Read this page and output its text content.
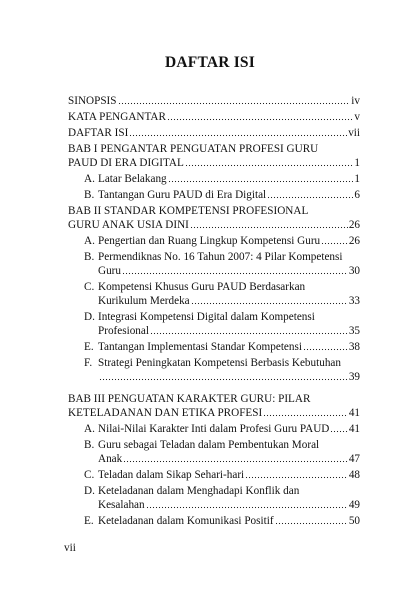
DAFTAR ISI
SINOPSIS	iv
KATA PENGANTAR	v
DAFTAR ISI	vii
BAB I PENGANTAR PENGUATAN PROFESI GURU
PAUD DI ERA DIGITAL	1
A. Latar Belakang	1
B. Tantangan Guru PAUD di Era Digital	6
BAB II STANDAR KOMPETENSI PROFESIONAL
GURU ANAK USIA DINI	26
A. Pengertian dan Ruang Lingkup Kompetensi Guru	26
B. Permendiknas No. 16 Tahun 2007: 4 Pilar Kompetensi
Guru	30
C. Kompetensi Khusus Guru PAUD Berdasarkan
Kurikulum Merdeka	33
D. Integrasi Kompetensi Digital dalam Kompetensi
Profesional	35
E. Tantangan Implementasi Standar Kompetensi	38
F. Strategi Peningkatan Kompetensi Berbasis Kebutuhan
39
BAB III PENGUATAN KARAKTER GURU: PILAR
KETELADANAN DAN ETIKA PROFESI	41
A. Nilai-Nilai Karakter Inti dalam Profesi Guru PAUD 41
B. Guru sebagai Teladan dalam Pembentukan Moral
Anak	47
C. Teladan dalam Sikap Sehari-hari	48
D. Keteladanan dalam Menghadapi Konflik dan
Kesalahan	49
E. Keteladanan dalam Komunikasi Positif	50
vii
